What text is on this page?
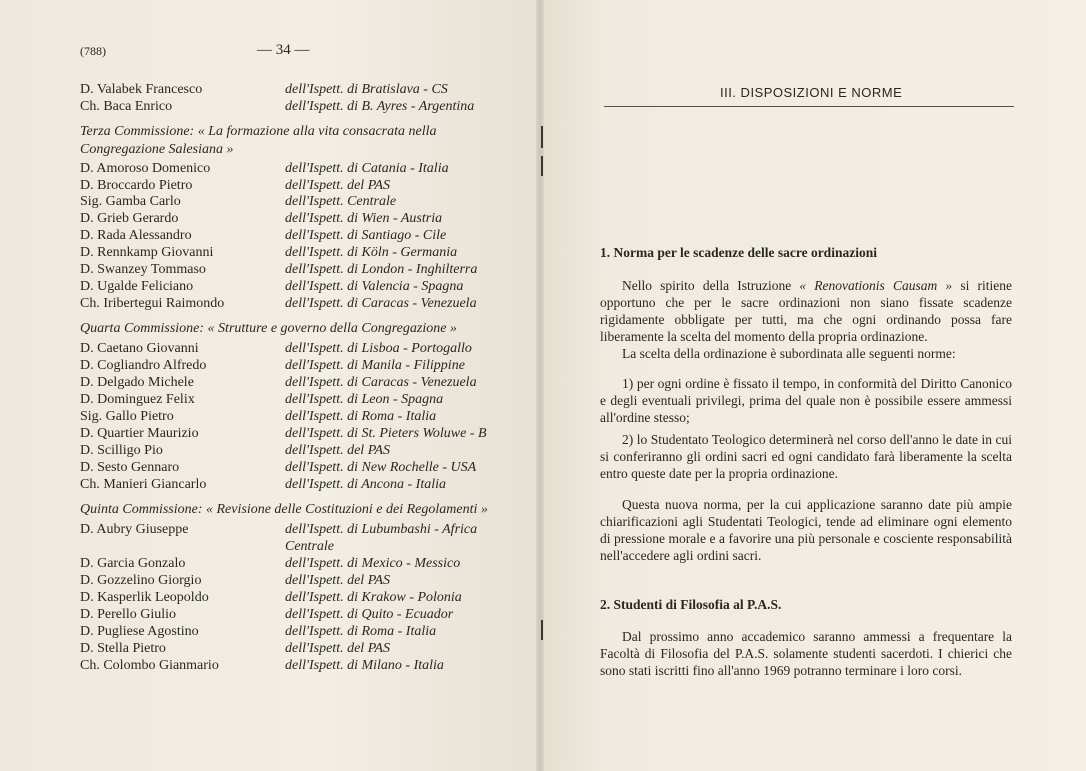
(788)	— 34 —
D. Valabek Francesco	dell'Ispett. di Bratislava - CS
Ch. Baca Enrico	dell'Ispett. di B. Ayres - Argentina
Terza Commissione: « La formazione alla vita consacrata nella Congregazione Salesiana »
D. Amoroso Domenico	dell'Ispett. di Catania - Italia
D. Broccardo Pietro	dell'Ispett. del PAS
Sig. Gamba Carlo	dell'Ispett. Centrale
D. Grieb Gerardo	dell'Ispett. di Wien - Austria
D. Rada Alessandro	dell'Ispett. di Santiago - Cile
D. Rennkamp Giovanni	dell'Ispett. di Köln - Germania
D. Swanzey Tommaso	dell'Ispett. di London - Inghilterra
D. Ugalde Feliciano	dell'Ispett. di Valencia - Spagna
Ch. Iribertegui Raimondo	dell'Ispett. di Caracas - Venezuela
Quarta Commissione: « Strutture e governo della Congregazione »
D. Caetano Giovanni	dell'Ispett. di Lisboa - Portogallo
D. Cogliandro Alfredo	dell'Ispett. di Manila - Filippine
D. Delgado Michele	dell'Ispett. di Caracas - Venezuela
D. Dominguez Felix	dell'Ispett. di Leon - Spagna
Sig. Gallo Pietro	dell'Ispett. di Roma - Italia
D. Quartier Maurizio	dell'Ispett. di St. Pieters Woluwe - B
D. Scilligo Pio	dell'Ispett. del PAS
D. Sesto Gennaro	dell'Ispett. di New Rochelle - USA
Ch. Manieri Giancarlo	dell'Ispett. di Ancona - Italia
Quinta Commissione: « Revisione delle Costituzioni e dei Regolamenti »
D. Aubry Giuseppe	dell'Ispett. di Lubumbashi - Africa
Centrale
D. Garcia Gonzalo	dell'Ispett. di Mexico - Messico
D. Gozzelino Giorgio	dell'Ispett. del PAS
D. Kasperlik Leopoldo	dell'Ispett. di Krakow - Polonia
D. Perello Giulio	dell'Ispett. di Quito - Ecuador
D. Pugliese Agostino	dell'Ispett. di Roma - Italia
D. Stella Pietro	dell'Ispett. del PAS
Ch. Colombo Gianmario	dell'Ispett. di Milano - Italia
III. DISPOSIZIONI E NORME
1. Norma per le scadenze delle sacre ordinazioni
Nello spirito della Istruzione « Renovationis Causam » si ritiene opportuno che per le sacre ordinazioni non siano fissate scadenze rigidamente obbligate per tutti, ma che ogni ordinando possa fare liberamente la scelta del momento della propria ordinazione.
La scelta della ordinazione è subordinata alle seguenti norme:
1) per ogni ordine è fissato il tempo, in conformità del Diritto Canonico e degli eventuali privilegi, prima del quale non è possibile essere ammessi all'ordine stesso;
2) lo Studentato Teologico determinerà nel corso dell'anno le date in cui si conferiranno gli ordini sacri ed ogni candidato farà liberamente la scelta entro queste date per la propria ordinazione.
Questa nuova norma, per la cui applicazione saranno date più ampie chiarificazioni agli Studentati Teologici, tende ad eliminare ogni elemento di pressione morale e a favorire una più personale e cosciente responsabilità nell'accedere agli ordini sacri.
2. Studenti di Filosofia al P.A.S.
Dal prossimo anno accademico saranno ammessi a frequentare la Facoltà di Filosofia del P.A.S. solamente studenti sacerdoti. I chierici che sono stati iscritti fino all'anno 1969 potranno terminare i loro corsi.
